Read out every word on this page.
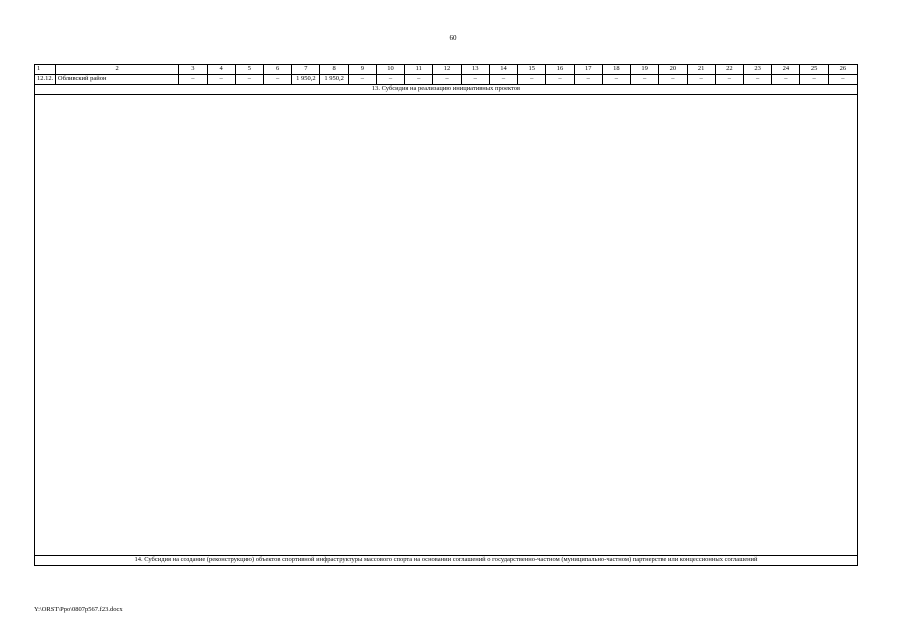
60
1	2	3	4	5	6	7	8	9	10	11	12	13	14	15	16	17	18	19	20	21	22	23	24	25	26
12.12.	Обливский район	–	–	–	–	1 950,2	1 950,2	–	–	–	–	–	–	–	–	–	–	–	–	–	–	–	–	–	–
13. Субсидия на реализацию инициативных проектов																									

14. Субсидия на создание (реконструкцию) объектов спортивной инфраструктуры массового спорта на основании соглашений о государственно-частном (муниципально-частном) партнерстве или концессионных соглашений																									
Y:\ORST\Ppo\0807p567.f23.docx
